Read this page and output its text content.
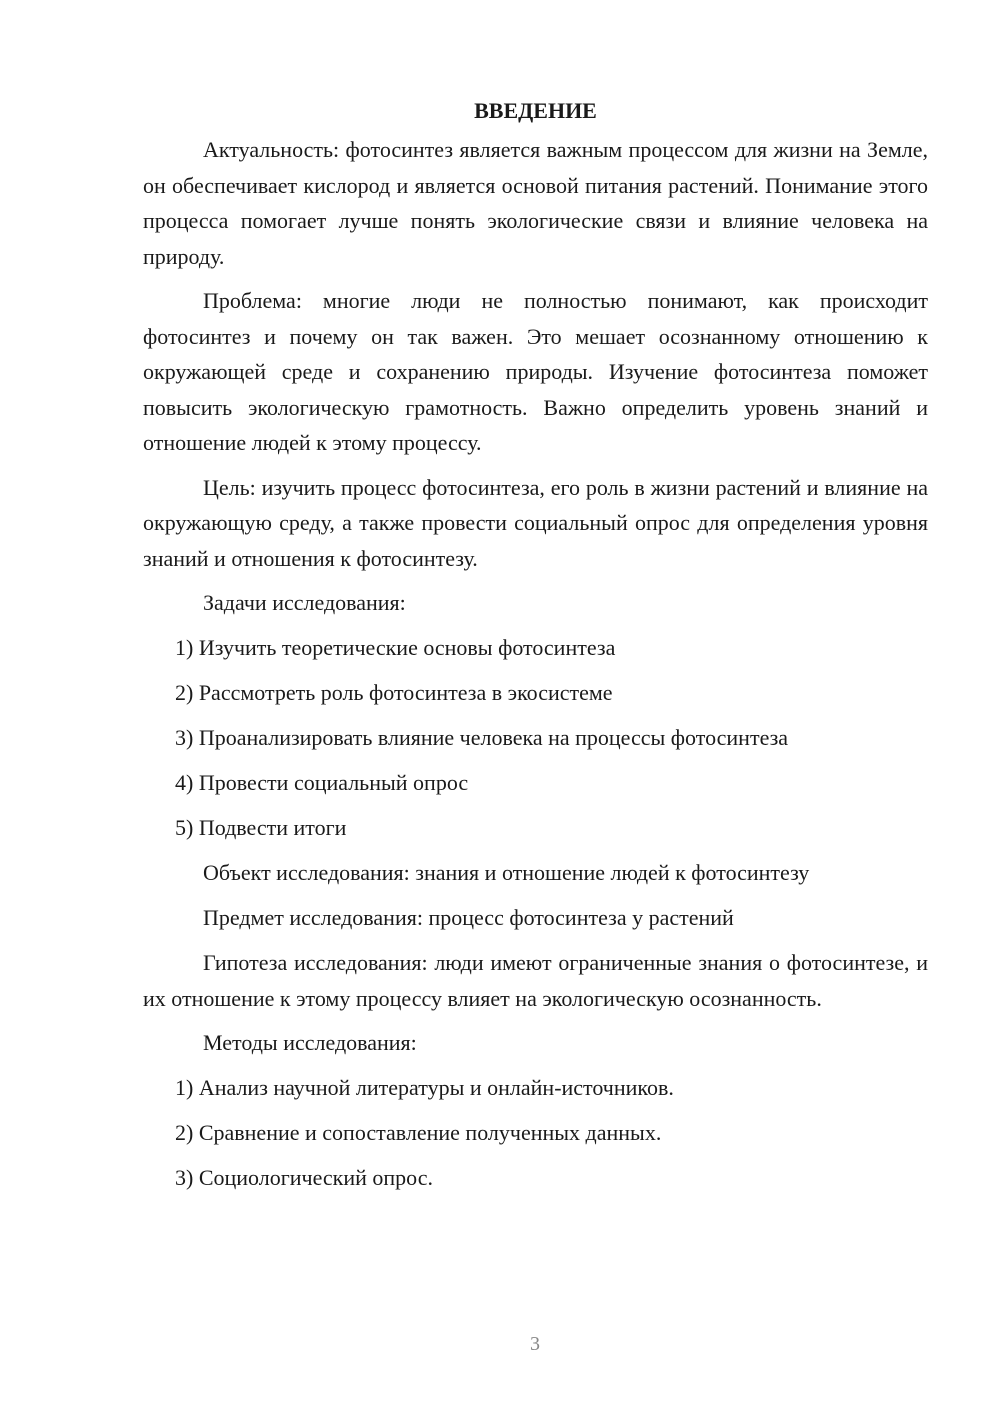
ВВЕДЕНИЕ
Актуальность: фотосинтез является важным процессом для жизни на Земле, он обеспечивает кислород и является основой питания растений. Понимание этого процесса помогает лучше понять экологические связи и влияние человека на природу.
Проблема: многие люди не полностью понимают, как происходит фотосинтез и почему он так важен. Это мешает осознанному отношению к окружающей среде и сохранению природы. Изучение фотосинтеза поможет повысить экологическую грамотность. Важно определить уровень знаний и отношение людей к этому процессу.
Цель: изучить процесс фотосинтеза, его роль в жизни растений и влияние на окружающую среду, а также провести социальный опрос для определения уровня знаний и отношения к фотосинтезу.
Задачи исследования:
1) Изучить теоретические основы фотосинтеза
2) Рассмотреть роль фотосинтеза в экосистеме
3) Проанализировать влияние человека на процессы фотосинтеза
4) Провести социальный опрос
5) Подвести итоги
Объект исследования: знания и отношение людей к фотосинтезу
Предмет исследования: процесс фотосинтеза у растений
Гипотеза исследования: люди имеют ограниченные знания о фотосинтезе, и их отношение к этому процессу влияет на экологическую осознанность.
Методы исследования:
1) Анализ научной литературы и онлайн-источников.
2) Сравнение и сопоставление полученных данных.
3) Социологический опрос.
3
